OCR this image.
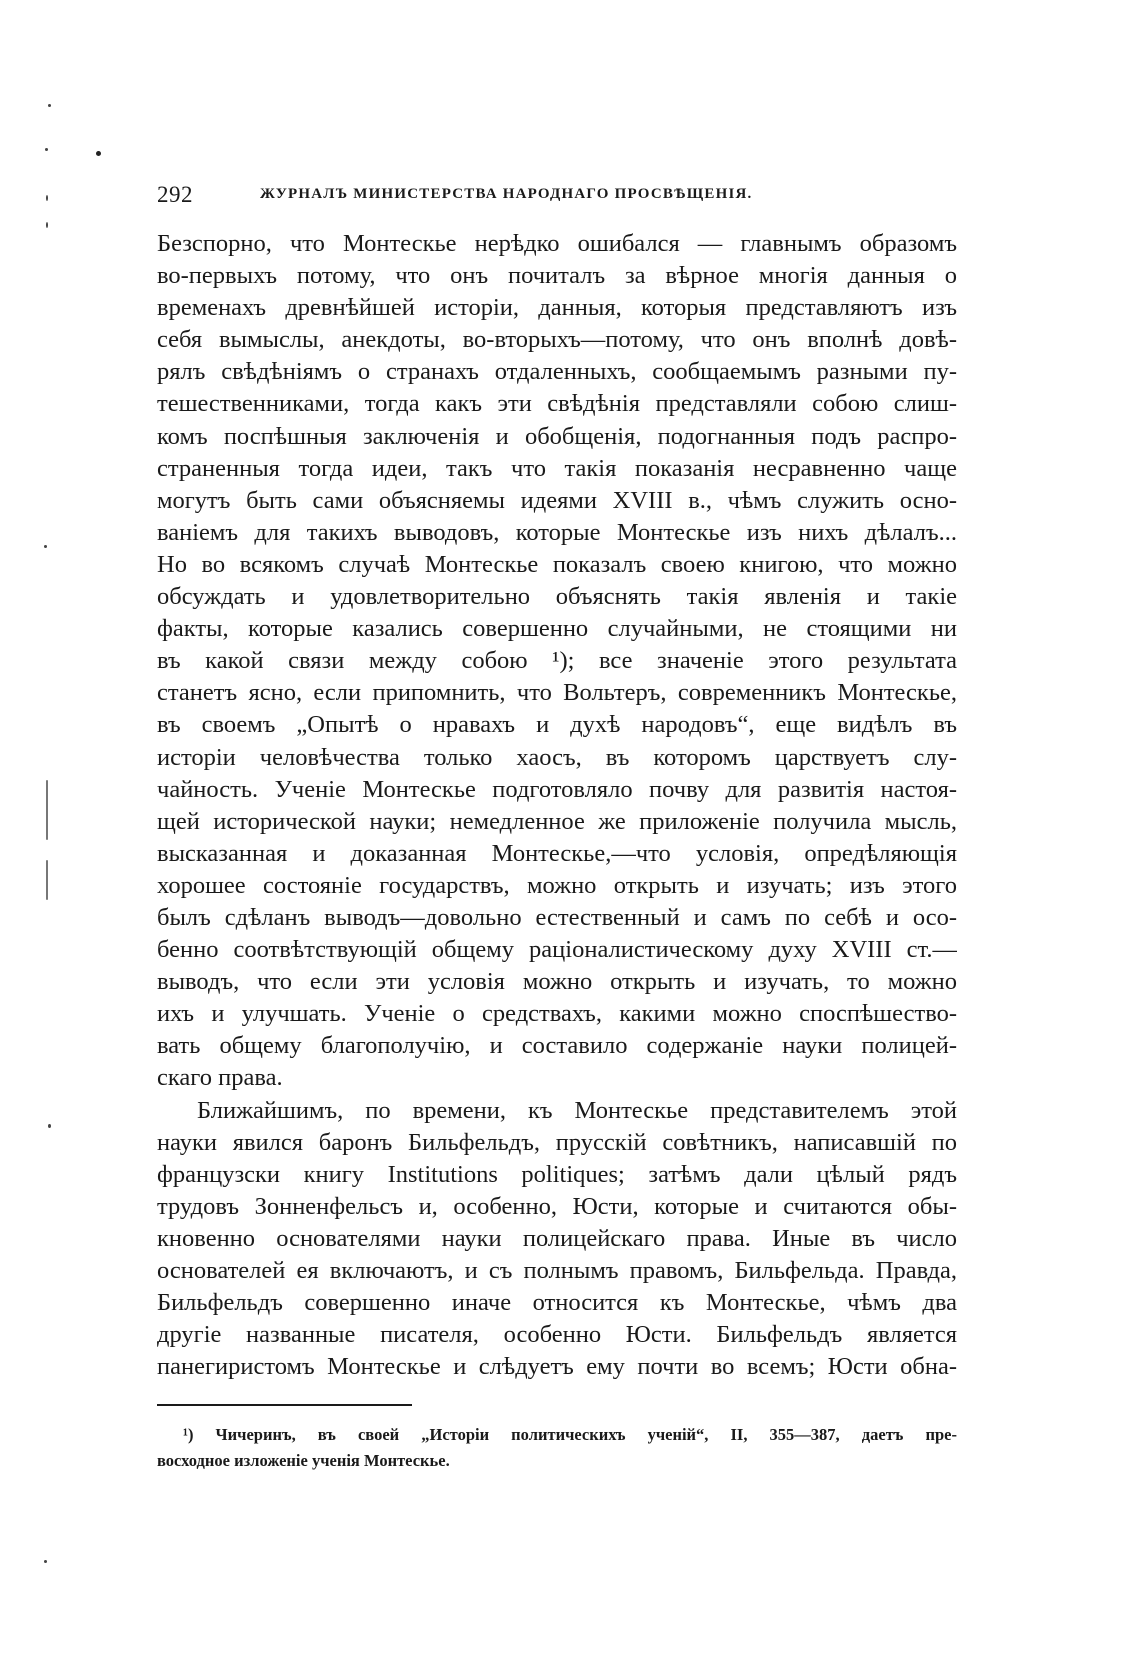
292	ЖУРНАЛЪ МИНИСТЕРСТВА НАРОДНАГО ПРОСВѢЩЕНІЯ.
Безспорно, что Монтескье нерѣдко ошибался — главнымъ образомъ
во-первыхъ потому, что онъ почиталъ за вѣрное многія данныя о
временахъ древнѣйшей исторіи, данныя, которыя представляютъ изъ
себя вымыслы, анекдоты, во-вторыхъ—потому, что онъ вполнѣ довѣ-
рялъ свѣдѣніямъ о странахъ отдаленныхъ, сообщаемымъ разными пу-
тешественниками, тогда какъ эти свѣдѣнія представляли собою слиш-
комъ поспѣшныя заключенія и обобщенія, подогнанныя подъ распро-
страненныя тогда идеи, такъ что такія показанія несравненно чаще
могутъ быть сами объясняемы идеями XVIII в., чѣмъ служить осно-
ваніемъ для такихъ выводовъ, которые Монтескье изъ нихъ дѣлалъ...
Но во всякомъ случаѣ Монтескье показалъ своею книгою, что можно
обсуждать и удовлетворительно объяснять такія явленія и такіе
факты, которые казались совершенно случайными, не стоящими ни
въ какой связи между собою ¹); все значеніе этого результата
станетъ ясно, если припомнить, что Вольтеръ, современникъ Монтескье,
въ своемъ „Опытѣ о нравахъ и духѣ народовъ“, еще видѣлъ въ
исторіи человѣчества только хаосъ, въ которомъ царствуетъ слу-
чайность. Ученіе Монтескье подготовляло почву для развитія настоя-
щей исторической науки; немедленное же приложеніе получила мысль,
высказанная и доказанная Монтескье,—что условія, опредѣляющія
хорошее состояніе государствъ, можно открыть и изучать; изъ этого
былъ сдѣланъ выводъ—довольно естественный и самъ по себѣ и осо-
бенно соотвѣтствующій общему раціоналистическому духу XVIII ст.—
выводъ, что если эти условія можно открыть и изучать, то можно
ихъ и улучшать. Ученіе о средствахъ, какими можно споспѣшество-
вать общему благополучію, и составило содержаніе науки полицей-
скаго права.
Ближайшимъ, по времени, къ Монтескье представителемъ этой
науки явился баронъ Бильфельдъ, прусскій совѣтникъ, написавшій по
французски книгу Institutions politiques; затѣмъ дали цѣлый рядъ
трудовъ Зонненфельсъ и, особенно, Юсти, которые и считаются обы-
кновенно основателями науки полицейскаго права. Иные въ число
основателей ея включаютъ, и съ полнымъ правомъ, Бильфельда. Правда,
Бильфельдъ совершенно иначе относится къ Монтескье, чѣмъ два
другіе названные писателя, особенно Юсти. Бильфельдъ является
панегиристомъ Монтескье и слѣдуетъ ему почти во всемъ; Юсти обна-
¹) Чичеринъ, въ своей „Исторіи политическихъ ученій“, II, 355—387, даетъ пре-
восходное изложеніе ученія Монтескье.
